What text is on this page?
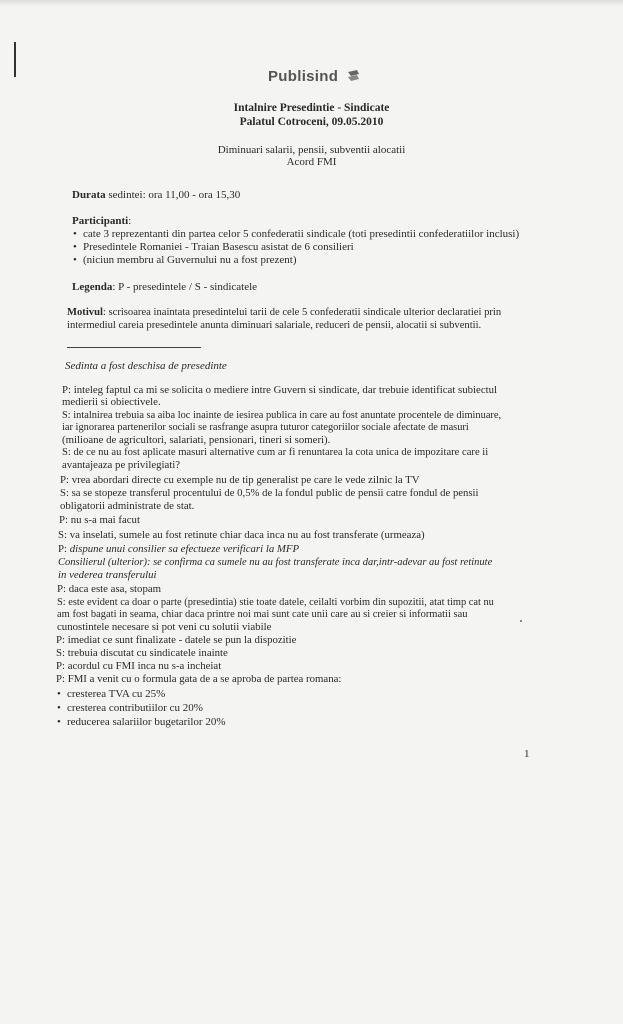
Publisind
Intalnire Presedintie - Sindicate
Palatul Cotroceni, 09.05.2010
Diminuari salarii, pensii, subventii alocatii
Acord FMI
Durata sedintei: ora 11,00 - ora 15,30
Participanti:
• cate 3 reprezentanti din partea celor 5 confederatii sindicale (toti presedintii confederatiilor inclusi)
• Presedintele Romaniei - Traian Basescu asistat de 6 consilieri
• (niciun membru al Guvernului nu a fost prezent)
Legenda: P - presedintele / S - sindicatele
Motivul: scrisoarea inaintata presedintelui tarii de cele 5 confederatii sindicale ulterior declaratiei prin
intermediul careia presedintele anunta diminuari salariale, reduceri de pensii, alocatii si subventii.
Sedinta a fost deschisa de presedinte
P: inteleg faptul ca mi se solicita o mediere intre Guvern si sindicate, dar trebuie identificat subiectul
medierii si obiectivele.
S: intalnirea trebuia sa aiba loc inainte de iesirea publica in care au fost anuntate procentele de diminuare,
iar ignorarea partenerilor sociali se rasfrange asupra tuturor categoriilor sociale afectate de masuri
(milioane de agricultori, salariati, pensionari, tineri si someri).
S: de ce nu au fost aplicate masuri alternative cum ar fi renuntarea la cota unica de impozitare care ii
avantajeaza pe privilegiati?
P: vrea abordari directe cu exemple nu de tip generalist pe care le vede zilnic la TV
S: sa se stopeze transferul procentului de 0,5% de la fondul public de pensii catre fondul de pensii
obligatorii administrate de stat.
P: nu s-a mai facut
S: va inselati, sumele au fost retinute chiar daca inca nu au fost transferate (urmeaza)
P: dispune unui consilier sa efectueze verificari la MFP
Consilierul (ulterior): se confirma ca sumele nu au fost transferate inca dar,intr-adevar au fost retinute
in vederea transferului
P: daca este asa, stopam
S: este evident ca doar o parte (presedintia) stie toate datele, ceilalti vorbim din supozitii, atat timp cat nu
am fost bagati in seama, chiar daca printre noi mai sunt cate unii care au si creier si informatii sau
cunostintele necesare si pot veni cu solutii viabile
P: imediat ce sunt finalizate - datele se pun la dispozitie
S: trebuia discutat cu sindicatele inainte
P: acordul cu FMI inca nu s-a incheiat
P: FMI a venit cu o formula gata de a se aproba de partea romana:
• cresterea TVA cu 25%
• cresterea contributiilor cu 20%
• reducerea salariilor bugetarilor 20%
1
